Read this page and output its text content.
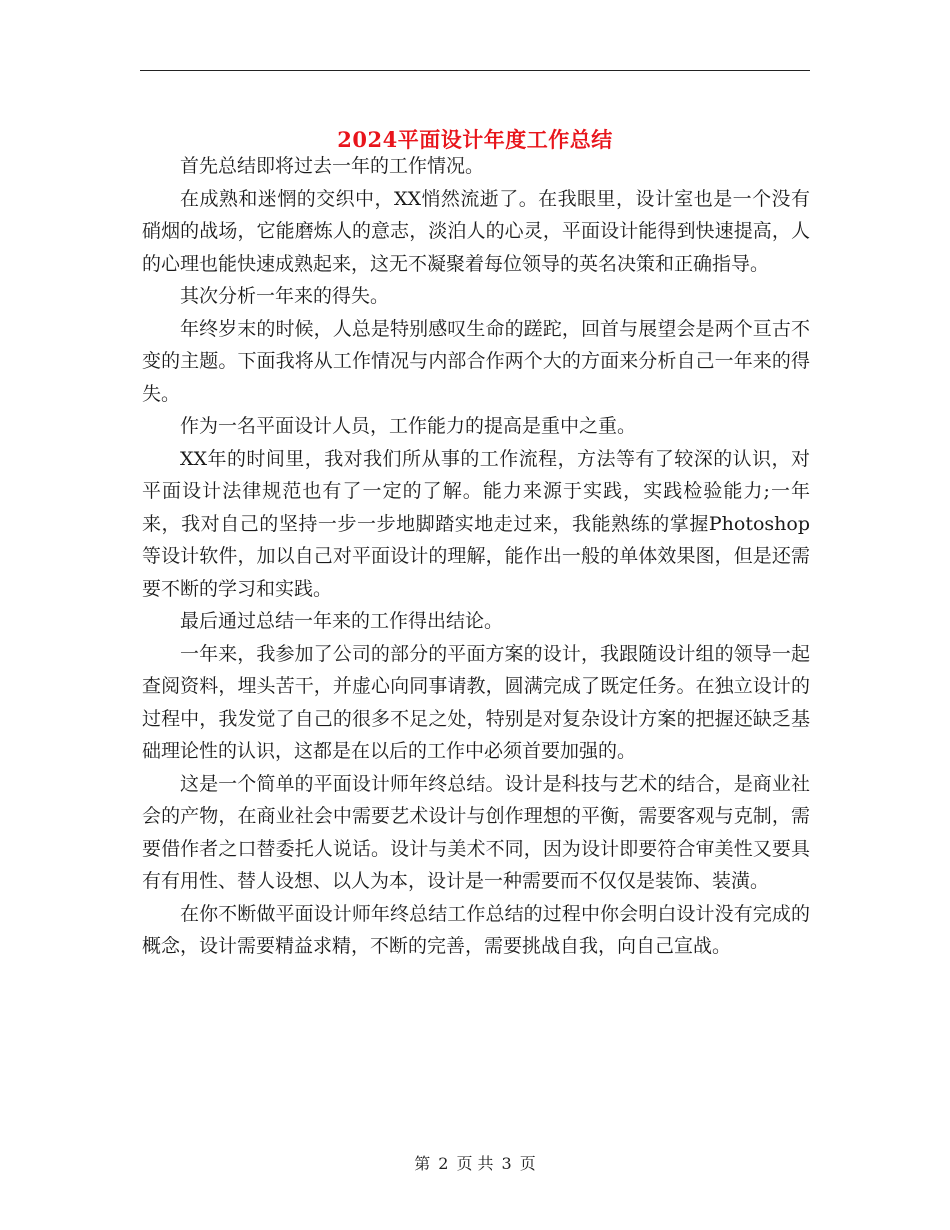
2024平面设计年度工作总结

首先总结即将过去一年的工作情况。

在成熟和迷惘的交织中，XX悄然流逝了。在我眼里，设计室也是一个没有硝烟的战场，它能磨炼人的意志，淡泊人的心灵，平面设计能得到快速提高，人的心理也能快速成熟起来，这无不凝聚着每位领导的英名决策和正确指导。

其次分析一年来的得失。

年终岁末的时候，人总是特别感叹生命的蹉跎，回首与展望会是两个亘古不变的主题。下面我将从工作情况与内部合作两个大的方面来分析自己一年来的得失。

作为一名平面设计人员，工作能力的提高是重中之重。

XX年的时间里，我对我们所从事的工作流程，方法等有了较深的认识，对平面设计法律规范也有了一定的了解。能力来源于实践，实践检验能力;一年来，我对自己的坚持一步一步地脚踏实地走过来，我能熟练的掌握Photoshop等设计软件，加以自己对平面设计的理解，能作出一般的单体效果图，但是还需要不断的学习和实践。

最后通过总结一年来的工作得出结论。

一年来，我参加了公司的部分的平面方案的设计，我跟随设计组的领导一起查阅资料，埋头苦干，并虚心向同事请教，圆满完成了既定任务。在独立设计的过程中，我发觉了自己的很多不足之处，特别是对复杂设计方案的把握还缺乏基础理论性的认识，这都是在以后的工作中必须首要加强的。

这是一个简单的平面设计师年终总结。设计是科技与艺术的结合，是商业社会的产物，在商业社会中需要艺术设计与创作理想的平衡，需要客观与克制，需要借作者之口替委托人说话。设计与美术不同，因为设计即要符合审美性又要具有有用性、替人设想、以人为本，设计是一种需要而不仅仅是装饰、装潢。

在你不断做平面设计师年终总结工作总结的过程中你会明白设计没有完成的概念，设计需要精益求精，不断的完善，需要挑战自我，向自己宣战。

第 2 页 共 3 页
